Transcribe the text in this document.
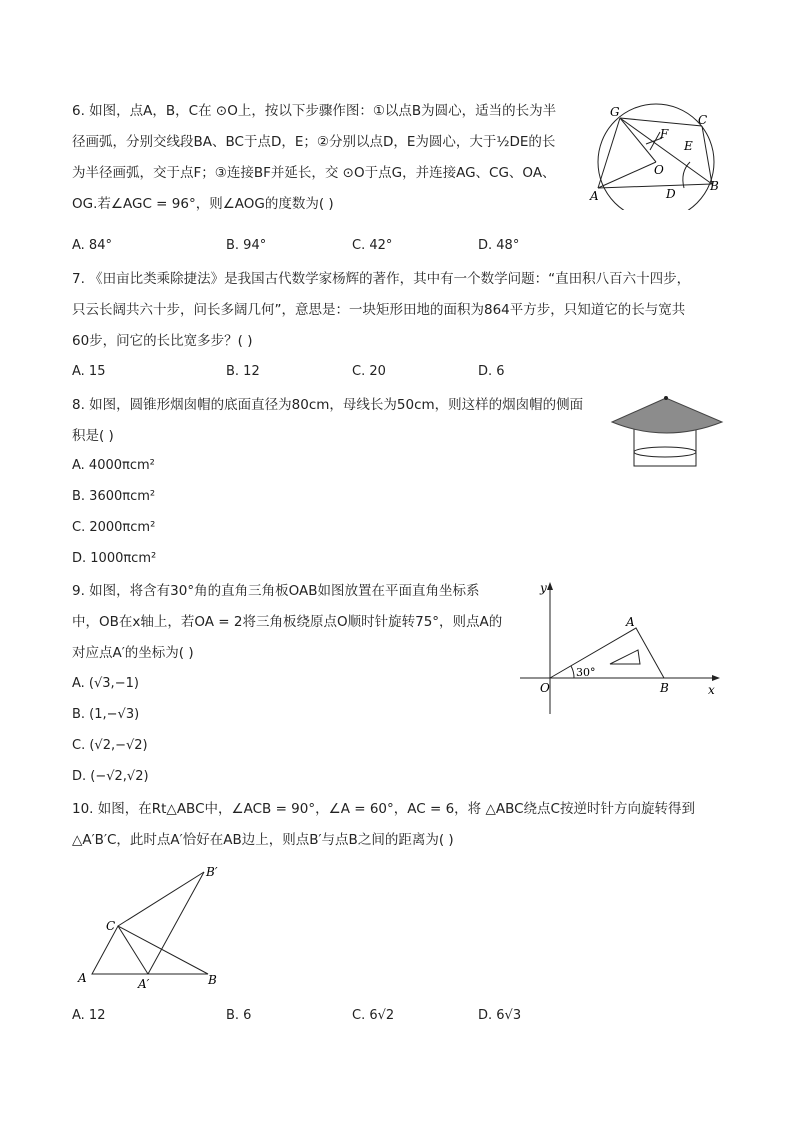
6. 如图，点A，B，C在 ⊙O上，按以下步骤作图：①以点B为圆心，适当的长为半
径画弧，分别交线段BA、BC于点D，E；②分别以点D，E为圆心，大于½DE的长
为半径画弧，交于点F；③连接BF并延长，交 ⊙O于点G，并连接AG、CG、OA、
OG.若∠AGC = 96°，则∠AOG的度数为( )
A. 84°	B. 94°	C. 42°	D. 48°
G
C
F
E
O
A	D
B
7. 《田亩比类乘除捷法》是我国古代数学家杨辉的著作，其中有一个数学问题：“直田积八百六十四步，
只云长阔共六十步，问长多阔几何”，意思是：一块矩形田地的面积为864平方步，只知道它的长与宽共
60步，问它的长比宽多步？( )
A. 15	B. 12	C. 20	D. 6
8. 如图，圆锥形烟囱帽的底面直径为80cm，母线长为50cm，则这样的烟囱帽的侧面
积是( )
A. 4000πcm²
B. 3600πcm²
C. 2000πcm²
D. 1000πcm²
9. 如图，将含有30°角的直角三角板OAB如图放置在平面直角坐标系
中，OB在x轴上，若OA = 2将三角板绕原点O顺时针旋转75°，则点A的
对应点A′的坐标为( )
A. (√3,−1)
B. (1,−√3)
C. (√2,−√2)
D. (−√2,√2)
y
x
O
A
B
30°
10. 如图，在Rt△ABC中，∠ACB = 90°，∠A = 60°，AC = 6，将 △ABC绕点C按逆时针方向旋转得到
△A′B′C，此时点A′恰好在AB边上，则点B′与点B之间的距离为( )
B′
C
A	A′	B
A. 12	B. 6	C. 6√2	D. 6√3
